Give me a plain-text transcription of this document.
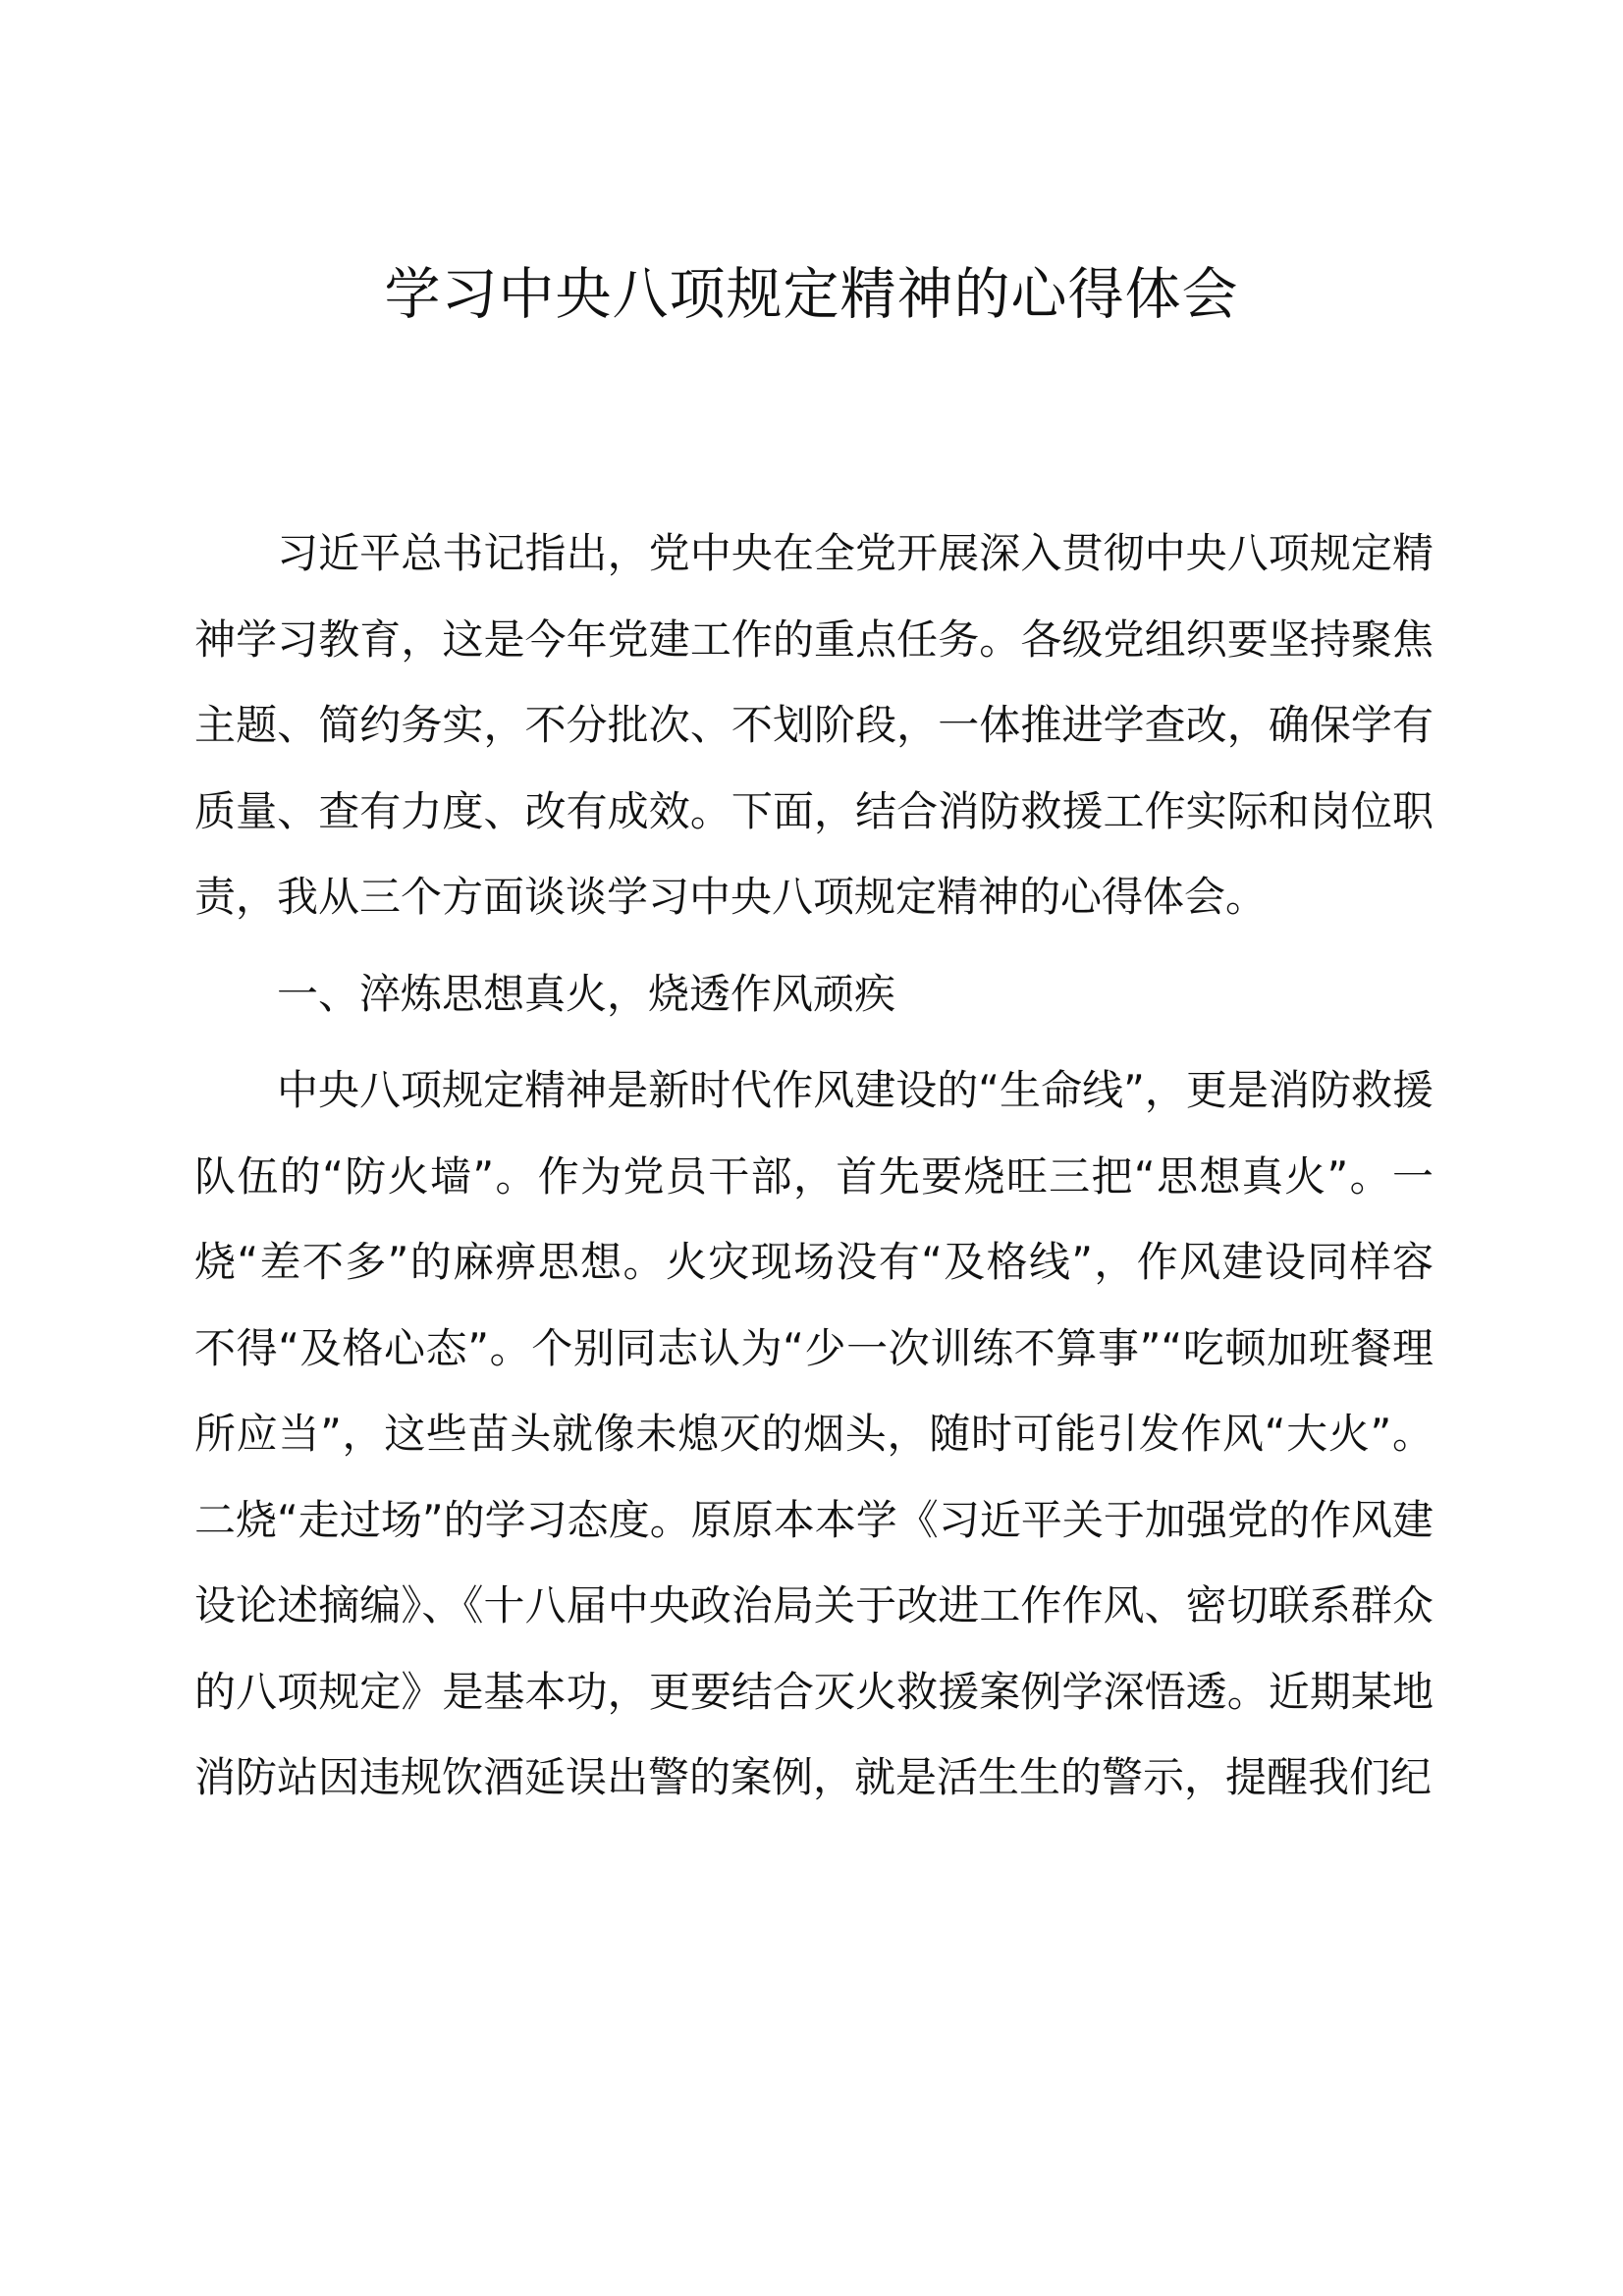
学习中央八项规定精神的心得体会

习近平总书记指出，党中央在全党开展深入贯彻中央八项规定精神学习教育，这是今年党建工作的重点任务。各级党组织要坚持聚焦主题、简约务实，不分批次、不划阶段，一体推进学查改，确保学有质量、查有力度、改有成效。下面，结合消防救援工作实际和岗位职责，我从三个方面谈谈学习中央八项规定精神的心得体会。

一、淬炼思想真火，烧透作风顽疾

中央八项规定精神是新时代作风建设的“生命线”，更是消防救援队伍的“防火墙”。作为党员干部，首先要烧旺三把“思想真火”。一烧“差不多”的麻痹思想。火灾现场没有“及格线”，作风建设同样容不得“及格心态”。个别同志认为“少一次训练不算事”“吃顿加班餐理所应当”，这些苗头就像未熄灭的烟头，随时可能引发作风“大火”。二烧“走过场”的学习态度。原原本本学《习近平关于加强党的作风建设论述摘编》、《十八届中央政治局关于改进工作作风、密切联系群众的八项规定》是基本功，更要结合灭火救援案例学深悟透。近期某地消防站因违规饮酒延误出警的案例，就是活生生的警示，提醒我们纪
